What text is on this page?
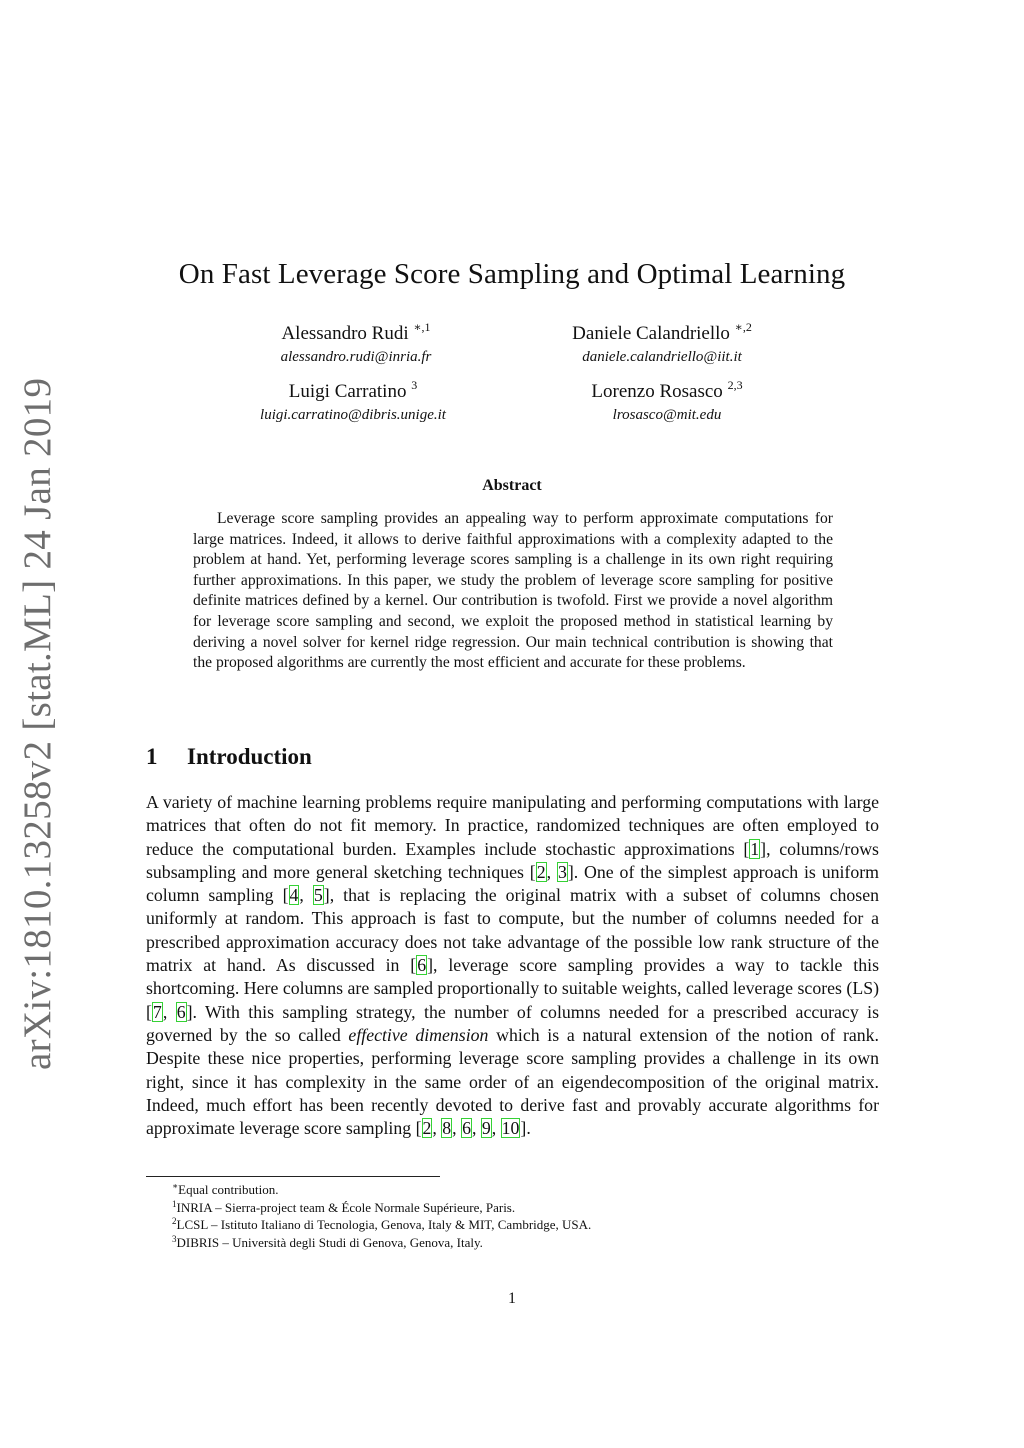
arXiv:1810.13258v2 [stat.ML] 24 Jan 2019
On Fast Leverage Score Sampling and Optimal Learning
Alessandro Rudi $^{∗,1}$
alessandro.rudi@inria.fr
Daniele Calandriello $^{∗,2}$
daniele.calandriello@iit.it
Luigi Carratino $^3$
luigi.carratino@dibris.unige.it
Lorenzo Rosasco $^{2,3}$
lrosasco@mit.edu
Abstract

Leverage score sampling provides an appealing way to perform approximate computations for large matrices. Indeed, it allows to derive faithful approximations with a complexity adapted to the problem at hand. Yet, performing leverage scores sampling is a challenge in its own right requiring further approximations. In this paper, we study the problem of leverage score sampling for positive definite matrices defined by a kernel. Our contribution is twofold. First we provide a novel algorithm for leverage score sampling and second, we exploit the proposed method in statistical learning by deriving a novel solver for kernel ridge regression. Our main technical contribution is showing that the proposed algorithms are currently the most efficient and accurate for these problems.

1 Introduction

A variety of machine learning problems require manipulating and performing computations with large matrices that often do not fit memory. In practice, randomized techniques are often employed to reduce the computational burden. Examples include stochastic approximations [1], columns/rows subsampling and more general sketching techniques [2, 3]. One of the simplest approach is uniform column sampling [4, 5], that is replacing the original matrix with a subset of columns chosen uniformly at random. This approach is fast to compute, but the number of columns needed for a prescribed approximation accuracy does not take advantage of the possible low rank structure of the matrix at hand. As discussed in [6], leverage score sampling provides a way to tackle this shortcoming. Here columns are sampled proportionally to suitable weights, called leverage scores (LS) [7, 6]. With this sampling strategy, the number of columns needed for a prescribed accuracy is governed by the so called effective dimension which is a natural extension of the notion of rank. Despite these nice properties, performing leverage score sampling provides a challenge in its own right, since it has complexity in the same order of an eigendecomposition of the original matrix. Indeed, much effort has been recently devoted to derive fast and provably accurate algorithms for approximate leverage score sampling [2, 8, 6, 9, 10].

∗Equal contribution.
$^1$INRIA – Sierra-project team & École Normale Supérieure, Paris.
$^2$LCSL – Istituto Italiano di Tecnologia, Genova, Italy & MIT, Cambridge, USA.
$^3$DIBRIS – Università degli Studi di Genova, Genova, Italy.
1
